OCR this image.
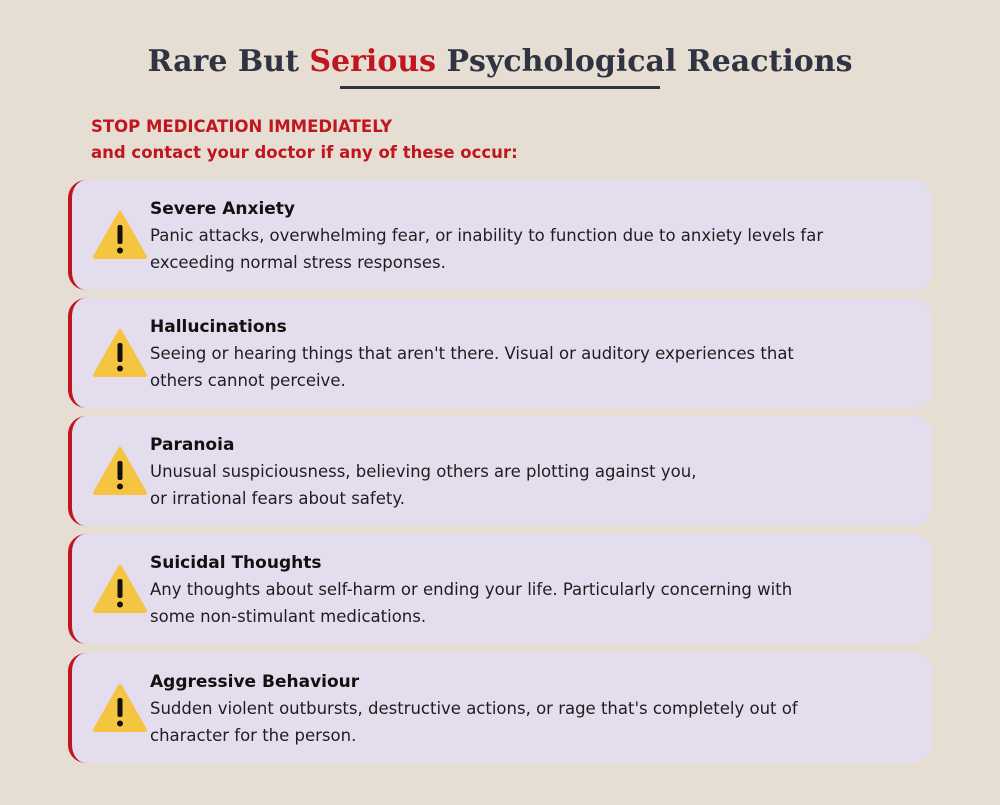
Rare But Serious Psychological Reactions
STOP MEDICATION IMMEDIATELY
and contact your doctor if any of these occur:
Severe Anxiety
Panic attacks, overwhelming fear, or inability to function due to anxiety levels far
exceeding normal stress responses.
Hallucinations
Seeing or hearing things that aren't there. Visual or auditory experiences that
others cannot perceive.
Paranoia
Unusual suspiciousness, believing others are plotting against you,
or irrational fears about safety.
Suicidal Thoughts
Any thoughts about self-harm or ending your life. Particularly concerning with
some non-stimulant medications.
Aggressive Behaviour
Sudden violent outbursts, destructive actions, or rage that's completely out of
character for the person.
